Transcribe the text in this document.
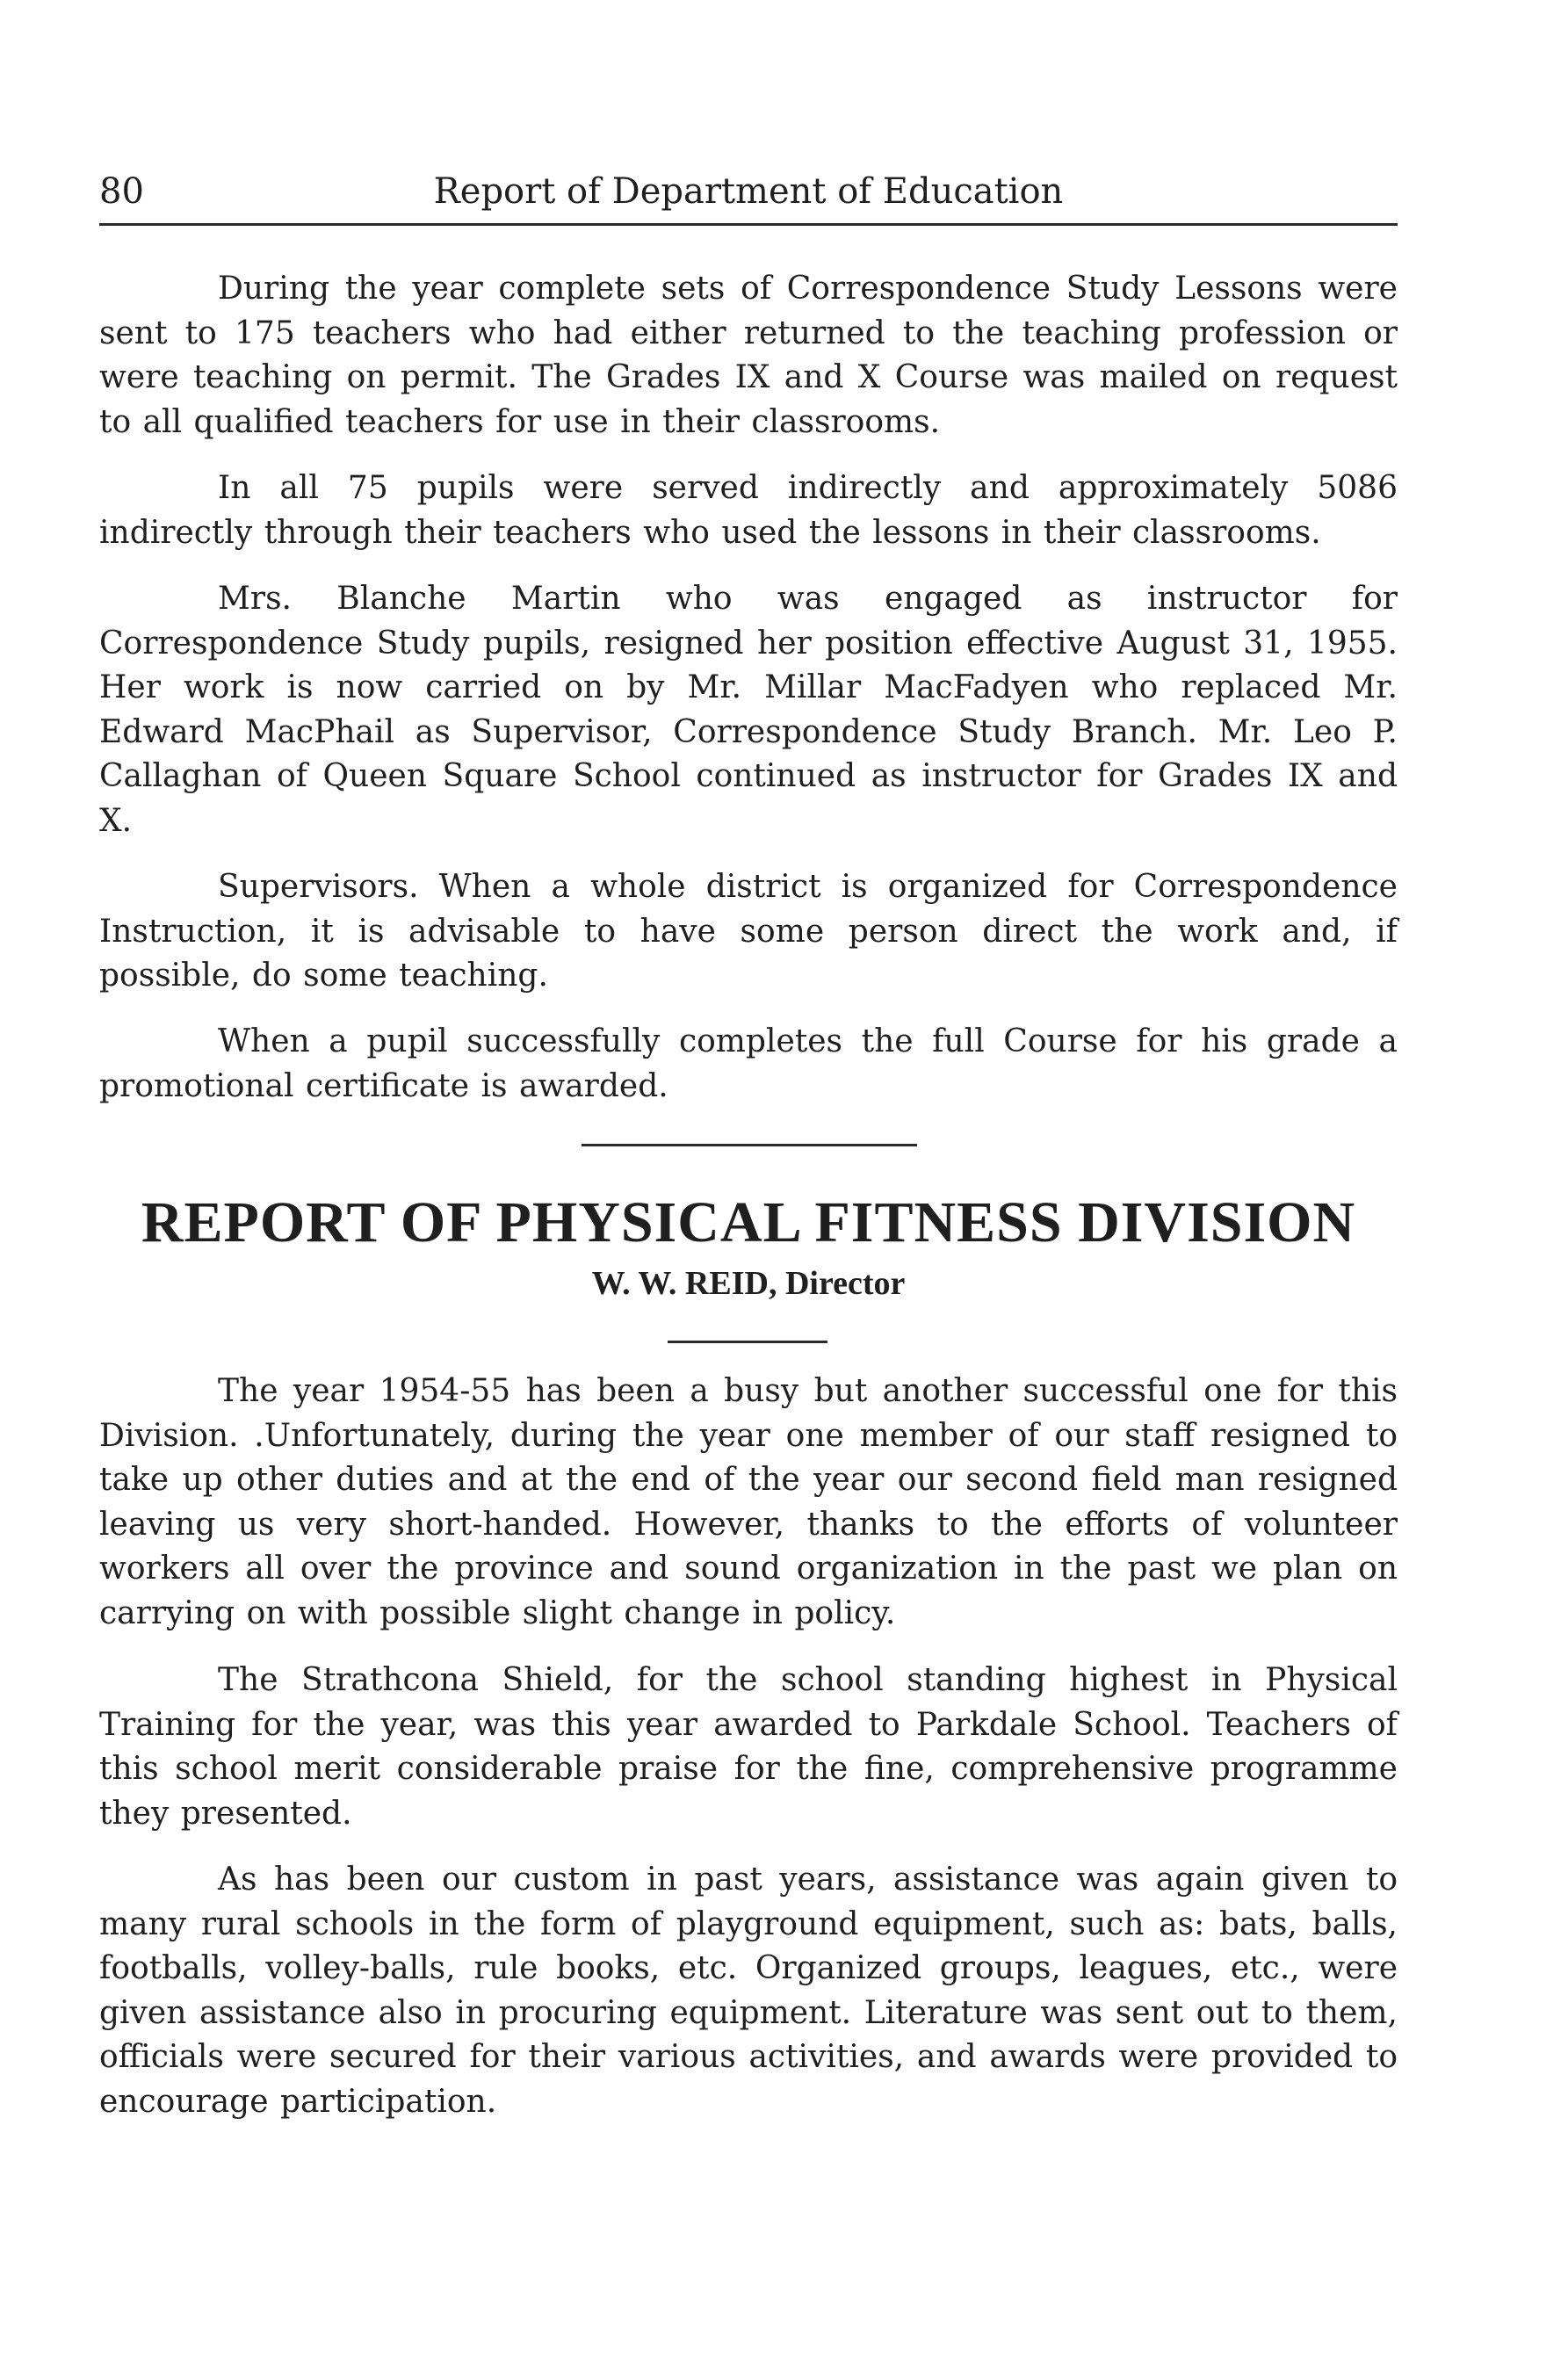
80	Report of Department of Education

During the year complete sets of Correspondence Study Lessons were sent to 175 teachers who had either returned to the teaching profession or were teaching on permit. The Grades IX and X Course was mailed on request to all qualified teachers for use in their classrooms.

In all 75 pupils were served indirectly and approximately 5086 indirectly through their teachers who used the lessons in their classrooms.

Mrs. Blanche Martin who was engaged as instructor for Correspondence Study pupils, resigned her position effective August 31, 1955. Her work is now carried on by Mr. Millar MacFadyen who replaced Mr. Edward MacPhail as Supervisor, Correspondence Study Branch. Mr. Leo P. Callaghan of Queen Square School continued as instructor for Grades IX and X.

Supervisors. When a whole district is organized for Correspondence Instruction, it is advisable to have some person direct the work and, if possible, do some teaching.

When a pupil successfully completes the full Course for his grade a promotional certificate is awarded.

REPORT OF PHYSICAL FITNESS DIVISION

W. W. REID, Director

The year 1954-55 has been a busy but another successful one for this Division. .Unfortunately, during the year one member of our staff resigned to take up other duties and at the end of the year our second field man resigned leaving us very short-handed. However, thanks to the efforts of volunteer workers all over the province and sound organization in the past we plan on carrying on with possible slight change in policy.

The Strathcona Shield, for the school standing highest in Physical Training for the year, was this year awarded to Parkdale School. Teachers of this school merit considerable praise for the fine, comprehensive programme they presented.

As has been our custom in past years, assistance was again given to many rural schools in the form of playground equipment, such as: bats, balls, footballs, volley-balls, rule books, etc. Organized groups, leagues, etc., were given assistance also in procuring equipment. Literature was sent out to them, officials were secured for their various activities, and awards were provided to encourage participation.
